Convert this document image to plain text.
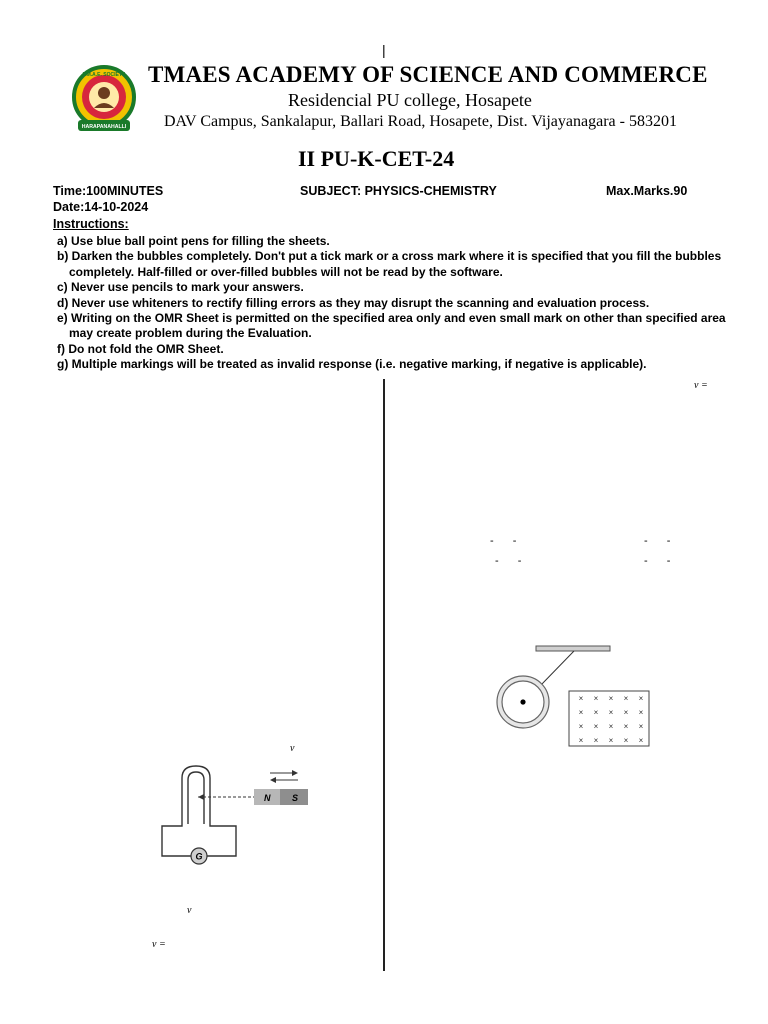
|
T.M.A.E. SOCIETY
HARAPANAHALLI
TMAES ACADEMY OF SCIENCE AND COMMERCE
Residencial PU college, Hosapete
DAV Campus, Sankalapur, Ballari Road, Hosapete, Dist. Vijayanagara - 583201
II PU-K-CET-24
Time:100MINUTES	SUBJECT: PHYSICS-CHEMISTRY	Max.Marks.90
Date:14-10-2024
Instructions:
a) Use blue ball point pens for filling the sheets.
b) Darken the bubbles completely. Don't put a tick mark or a cross mark where it is specified that you fill the bubbles
completely. Half-filled or over-filled bubbles will not be read by the software.
c) Never use pencils to mark your answers.
d) Never use whiteners to rectify filling errors as they may disrupt the scanning and evaluation process.
e) Writing on the OMR Sheet is permitted on the specified area only and even small mark on other than specified area
may create problem during the Evaluation.
f) Do not fold the OMR Sheet.
g) Multiple markings will be treated as invalid response (i.e. negative marking, if negative is applicable).
v
N S
G
v
v =
v =
- -	- -
- -	- -
× × × × ×
× × × × ×
× × × × ×
× × × × ×
